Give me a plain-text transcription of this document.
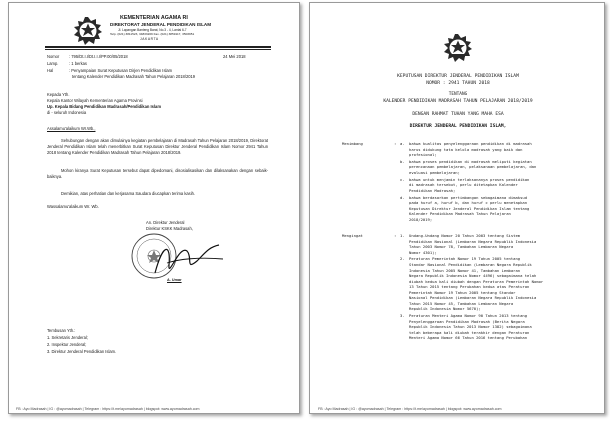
KEMENTERIAN AGAMA RI
DIREKTORAT JENDERAL PENDIDIKAN ISLAM
Jl. Lapangan Banteng Barat, No.3 - 4, Lantai 6-7
Telp. (021) 3811523, 34833209 Fax. (021) 3859117, 3503951
JAKARTA
Nomor : 795/Dt.I.I/Dt.I.I.I/PP.00/05/2018	24 Mei 2018
Lamp.	: 1 berkas
Hal	: Penyampaian Surat Keputusan Dirjen Pendidikan Islam
tentang Kalender Pendidikan Madrasah Tahun Pelajaran 2018/2019
Kepada Yth.
Kepala Kantor Wilayah Kementerian Agama Provinsi
Up. Kepala Bidang Pendidikan Madrasah/Pendidikan Islam
di - seluruh Indonesia
Assalamu'alaikum Wr.Wb.,
Sehubungan dengan akan dimulainya kegiatan pembelajaran di Madrasah Tahun Pelajaran 2018/2019, Direktorat Jenderal Pendidikan Islam telah menerbitkan Surat Keputusan Direktur Jenderal Pendidikan Islam Nomor 2941 Tahun 2018 tentang Kalender Pendidikan Madrasah Tahun Pelajaran 2018/2019.
Mohon kiranya Surat Keputusan tersebut dapat dipedomani, disosialisasikan dan dilaksanakan dengan sebaik-baiknya.
Demikian, atas perhatian dan kerjasama Saudara diucapkan terima kasih.
Wassalamu'alaikum Wr. Wb.
An. Direktur Jenderal
Direktur KSKK Madrasah,
A. Umar
Tembusan Yth.:
1. Sekretaris Jenderal;
2. Inspektur Jenderal;
3. Direktur Jenderal Pendidikan Islam.
FB : Ayo Madrasah | IG : @ayomadrasah | Telegram : https://t.me/ayomadrasah | blogspot: www.ayomadrasah.com
KEPUTUSAN DIREKTUR JENDERAL PENDIDIKAN ISLAM
NOMOR : 2941 TAHUN 2018
TENTANG
KALENDER PENDIDIKAN MADRASAH TAHUN PELAJARAN 2018/2019
DENGAN RAHMAT TUHAN YANG MAHA ESA
DIREKTUR JENDERAL PENDIDIKAN ISLAM,
Menimbang	: a. bahwa kualitas penyelenggaraan pendidikan di madrasah
harus didukung tata kelola madrasah yang baik dan
profesional;
b. bahwa proses pendidikan di madrasah meliputi kegiatan
perencanaan pembelajaran, pelaksanaan pembelajaran, dan
evaluasi pembelajaran;
c. bahwa untuk menjamin terlaksananya proses pendidikan
di madrasah tersebut, perlu ditetapkan Kalender
Pendidikan Madrasah;
d. bahwa berdasarkan pertimbangan sebagaimana dimaksud
pada huruf a, huruf b, dan huruf c perlu menetapkan
Keputusan Direktur Jenderal Pendidikan Islam tentang
Kalender Pendidikan Madrasah Tahun Pelajaran
2018/2019;
Mengingat	: 1. Undang-Undang Nomor 20 Tahun 2003 tentang Sistem
Pendidikan Nasional (Lembaran Negara Republik Indonesia
Tahun 2003 Nomor 78, Tambahan Lembaran Negara
Nomor 4301);
2. Peraturan Pemerintah Nomor 19 Tahun 2005 tentang
Standar Nasional Pendidikan (Lembaran Negara Republik
Indonesia Tahun 2005 Nomor 41, Tambahan Lembaran
Negara Republik Indonesia Nomor 4496) sebagaimana telah
diubah kedua kali diubah dengan Peraturan Pemerintah Nomor
13 Tahun 2015 tentang Perubahan kedua atas Peraturan
Pemerintah Nomor 19 Tahun 2005 tentang Standar
Nasional Pendidikan (Lembaran Negara Republik Indonesia
Tahun 2015 Nomor 45, Tambahan Lembaran Negara
Republik Indonesia Nomor 5670);
3. Peraturan Menteri Agama Nomor 90 Tahun 2013 tentang
Penyelenggaraan Pendidikan Madrasah (Berita Negara
Republik Indonesia Tahun 2013 Nomor 1382) sebagaimana
telah beberapa kali diubah terakhir dengan Peraturan
Menteri Agama Nomor 66 Tahun 2016 tentang Perubahan
FB : Ayo Madrasah | IG : @ayomadrasah | Telegram : https://t.me/ayomadrasah | blogspot: www.ayomadrasah.com
